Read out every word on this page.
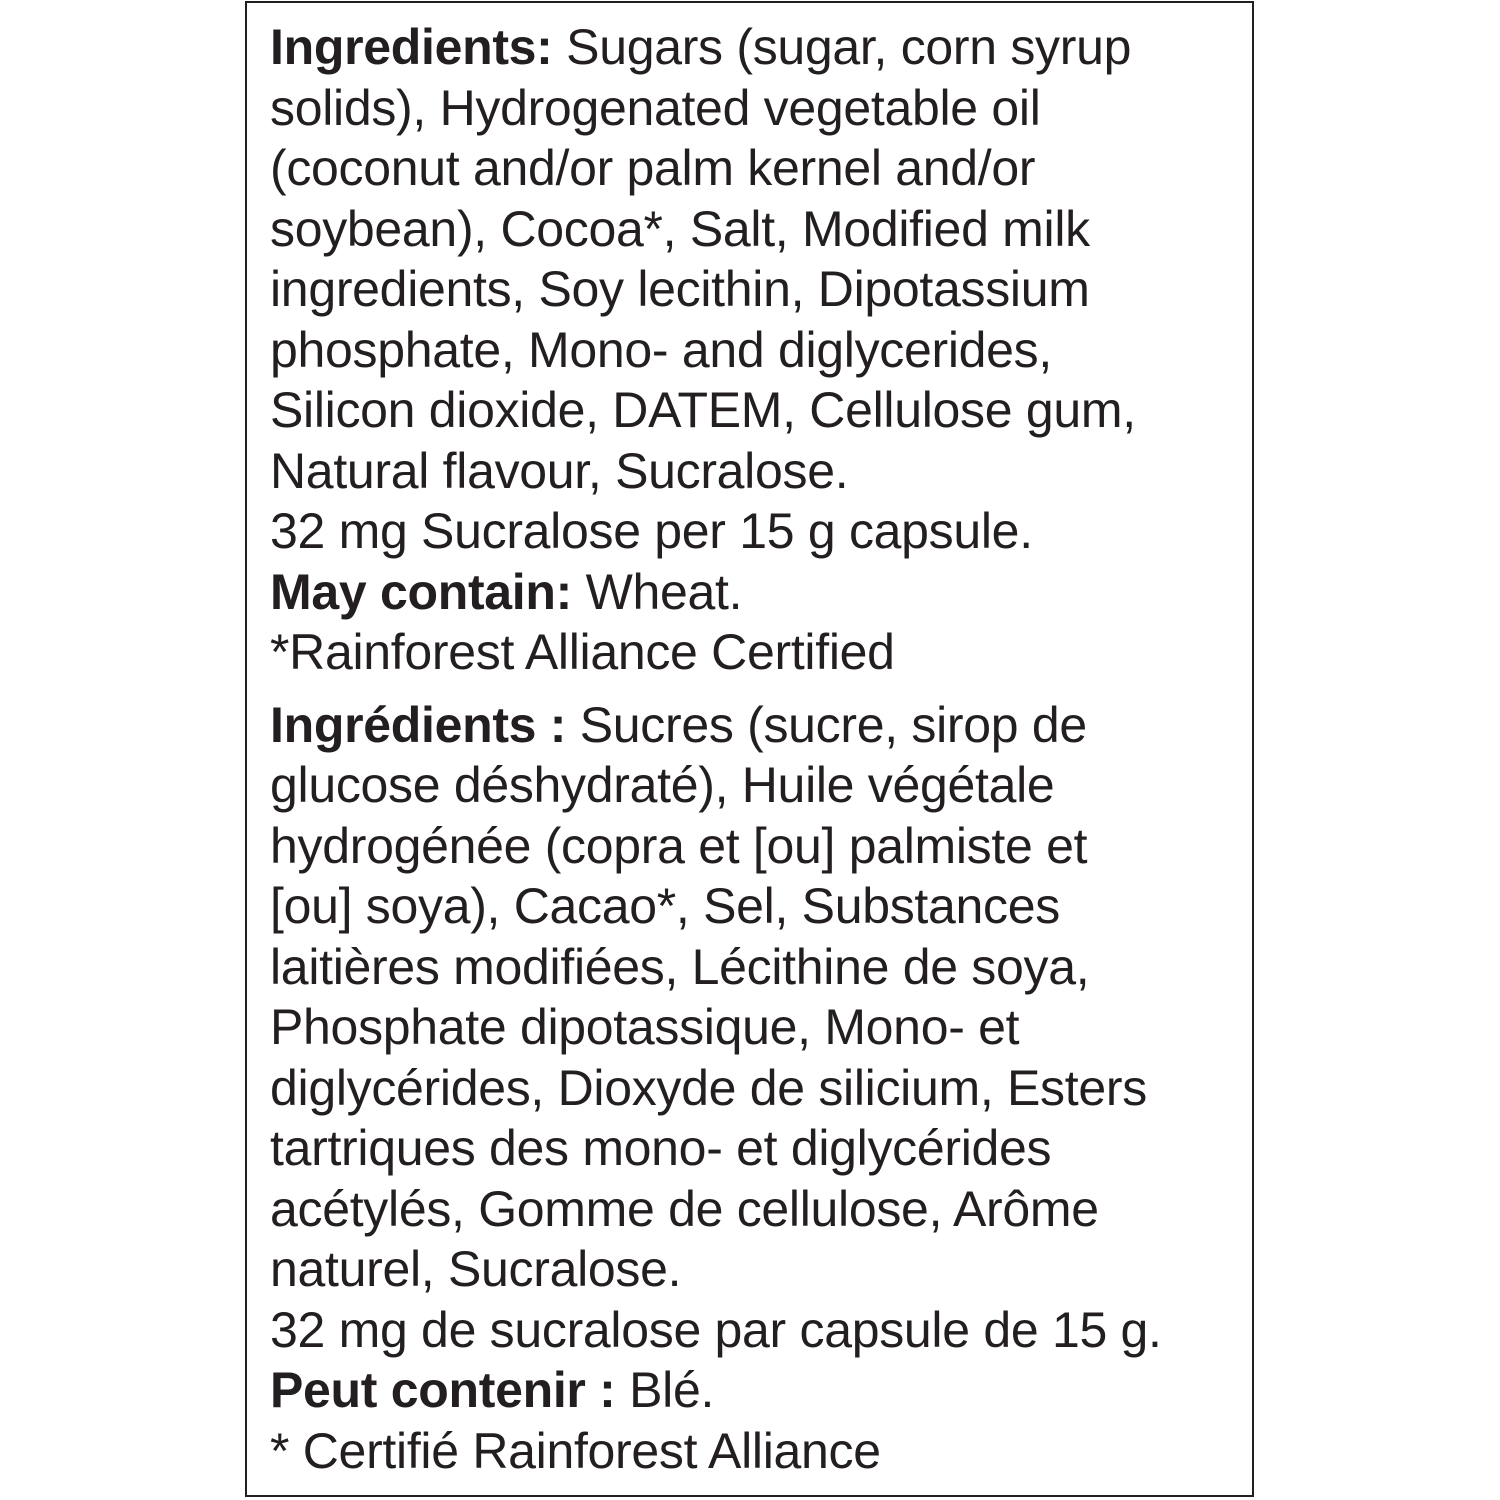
Ingredients: Sugars (sugar, corn syrup
solids), Hydrogenated vegetable oil
(coconut and/or palm kernel and/or
soybean), Cocoa*, Salt, Modified milk
ingredients, Soy lecithin, Dipotassium
phosphate, Mono- and diglycerides,
Silicon dioxide, DATEM, Cellulose gum,
Natural flavour, Sucralose.
32 mg Sucralose per 15 g capsule.
May contain: Wheat.
*Rainforest Alliance Certified
Ingrédients : Sucres (sucre, sirop de
glucose déshydraté), Huile végétale
hydrogénée (copra et [ou] palmiste et
[ou] soya), Cacao*, Sel, Substances
laitières modifiées, Lécithine de soya,
Phosphate dipotassique, Mono- et
diglycérides, Dioxyde de silicium, Esters
tartriques des mono- et diglycérides
acétylés, Gomme de cellulose, Arôme
naturel, Sucralose.
32 mg de sucralose par capsule de 15 g.
Peut contenir : Blé.
* Certifié Rainforest Alliance
